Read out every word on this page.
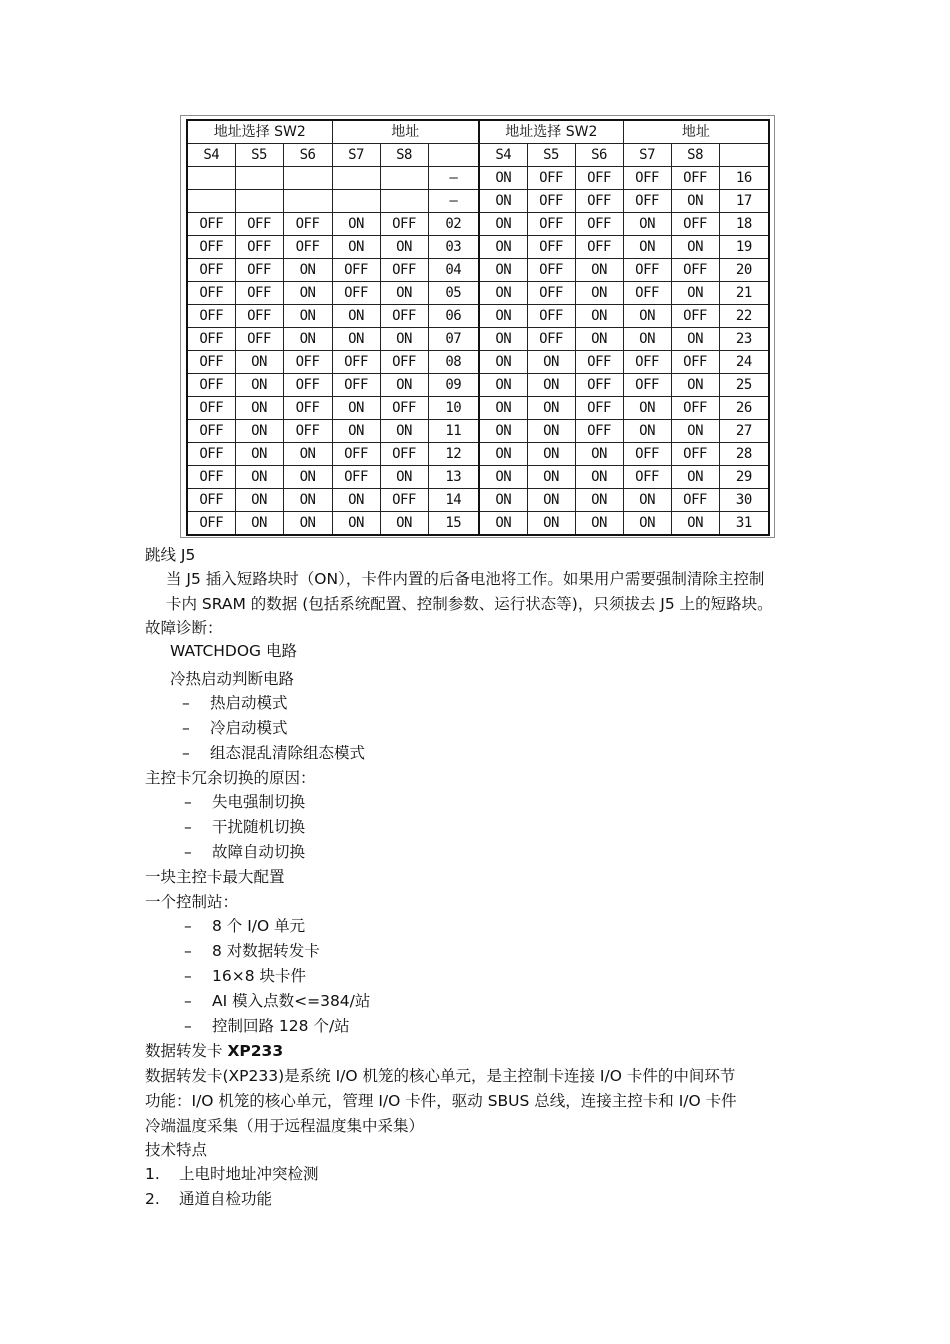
地址选择 SW2			地址			地址选择 SW2			地址		
S4	S5	S6	S7	S8		S4	S5	S6	S7	S8	
					–	ON	OFF	OFF	OFF	OFF	16
					–	ON	OFF	OFF	OFF	ON	17
OFF	OFF	OFF	ON	OFF	02	ON	OFF	OFF	ON	OFF	18
OFF	OFF	OFF	ON	ON	03	ON	OFF	OFF	ON	ON	19
OFF	OFF	ON	OFF	OFF	04	ON	OFF	ON	OFF	OFF	20
OFF	OFF	ON	OFF	ON	05	ON	OFF	ON	OFF	ON	21
OFF	OFF	ON	ON	OFF	06	ON	OFF	ON	ON	OFF	22
OFF	OFF	ON	ON	ON	07	ON	OFF	ON	ON	ON	23
OFF	ON	OFF	OFF	OFF	08	ON	ON	OFF	OFF	OFF	24
OFF	ON	OFF	OFF	ON	09	ON	ON	OFF	OFF	ON	25
OFF	ON	OFF	ON	OFF	10	ON	ON	OFF	ON	OFF	26
OFF	ON	OFF	ON	ON	11	ON	ON	OFF	ON	ON	27
OFF	ON	ON	OFF	OFF	12	ON	ON	ON	OFF	OFF	28
OFF	ON	ON	OFF	ON	13	ON	ON	ON	OFF	ON	29
OFF	ON	ON	ON	OFF	14	ON	ON	ON	ON	OFF	30
OFF	ON	ON	ON	ON	15	ON	ON	ON	ON	ON	31
跳线 J5
当 J5 插入短路块时（ON），卡件内置的后备电池将工作。如果用户需要强制清除主控制
卡内 SRAM 的数据 (包括系统配置、控制参数、运行状态等)，只须拔去 J5 上的短路块。
故障诊断：
WATCHDOG 电路
冷热启动判断电路
– 热启动模式
– 冷启动模式
– 组态混乱清除组态模式
主控卡冗余切换的原因：
– 失电强制切换
– 干扰随机切换
– 故障自动切换
一块主控卡最大配置
一个控制站：
– 8 个 I/O 单元
– 8 对数据转发卡
– 16×8 块卡件
– AI 模入点数<=384/站
– 控制回路 128 个/站
数据转发卡 XP233
数据转发卡(XP233)是系统 I/O 机笼的核心单元，是主控制卡连接 I/O 卡件的中间环节
功能：I/O 机笼的核心单元，管理 I/O 卡件，驱动 SBUS 总线，连接主控卡和 I/O 卡件
冷端温度采集（用于远程温度集中采集）
技术特点
1. 上电时地址冲突检测
2. 通道自检功能
